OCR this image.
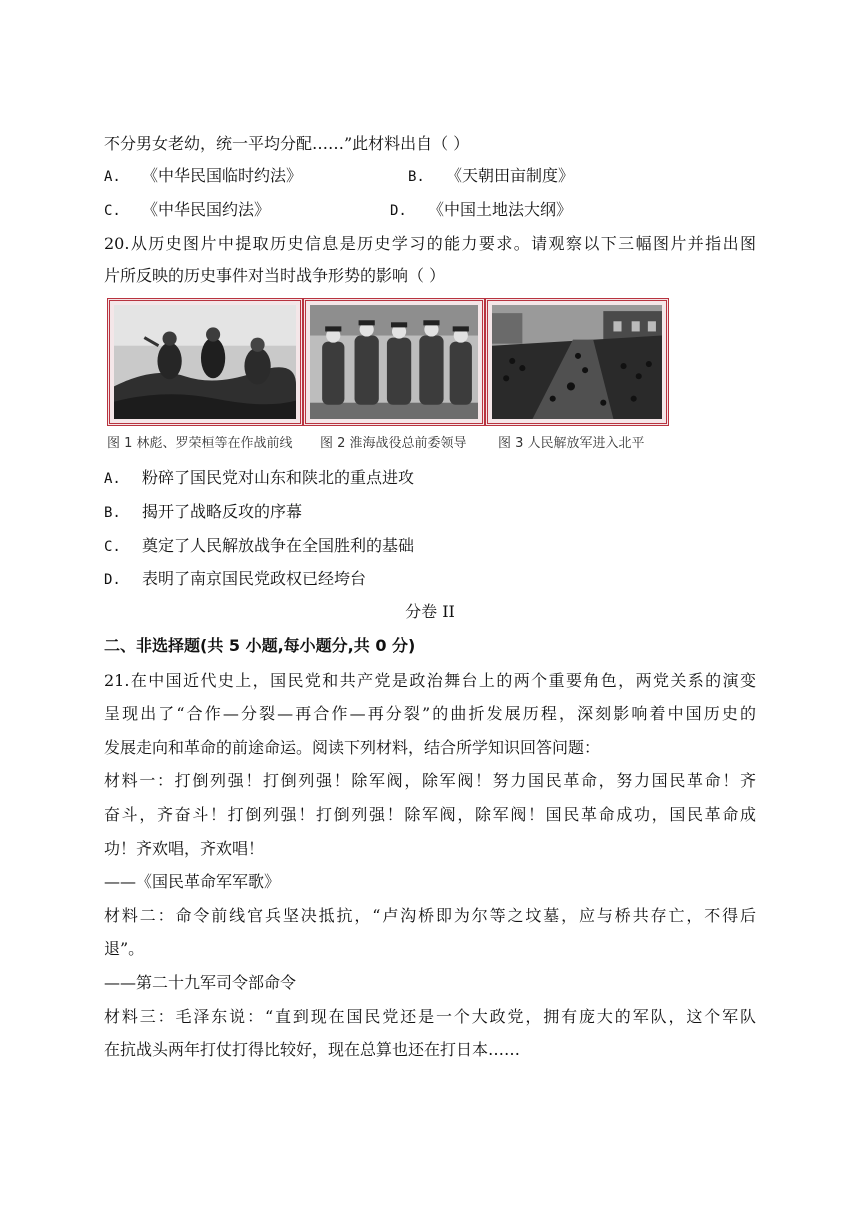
不分男女老幼，统一平均分配……”此材料出自（ ）
A. 《中华民国临时约法》	B. 《天朝田亩制度》
C. 《中华民国约法》	D. 《中国土地法大纲》
20.从历史图片中提取历史信息是历史学习的能力要求。请观察以下三幅图片并指出图
片所反映的历史事件对当时战争形势的影响（ ）
图 1 林彪、罗荣桓等在作战前线 图 2 淮海战役总前委领导 图 3 人民解放军进入北平
A. 粉碎了国民党对山东和陕北的重点进攻
B. 揭开了战略反攻的序幕
C. 奠定了人民解放战争在全国胜利的基础
D. 表明了南京国民党政权已经垮台
分卷 II
二、非选择题(共 5 小题,每小题分,共 0 分)
21.在中国近代史上，国民党和共产党是政治舞台上的两个重要角色，两党关系的演变
呈现出了“合作—分裂—再合作—再分裂”的曲折发展历程，深刻影响着中国历史的
发展走向和革命的前途命运。阅读下列材料，结合所学知识回答问题：
材料一：打倒列强！打倒列强！除军阀，除军阀！努力国民革命，努力国民革命！齐
奋斗，齐奋斗！打倒列强！打倒列强！除军阀，除军阀！国民革命成功，国民革命成
功！齐欢唱，齐欢唱！
——《国民革命军军歌》
材料二：命令前线官兵坚决抵抗，“卢沟桥即为尔等之坟墓，应与桥共存亡，不得后
退”。
——第二十九军司令部命令
材料三：毛泽东说：“直到现在国民党还是一个大政党，拥有庞大的军队，这个军队
在抗战头两年打仗打得比较好，现在总算也还在打日本……
